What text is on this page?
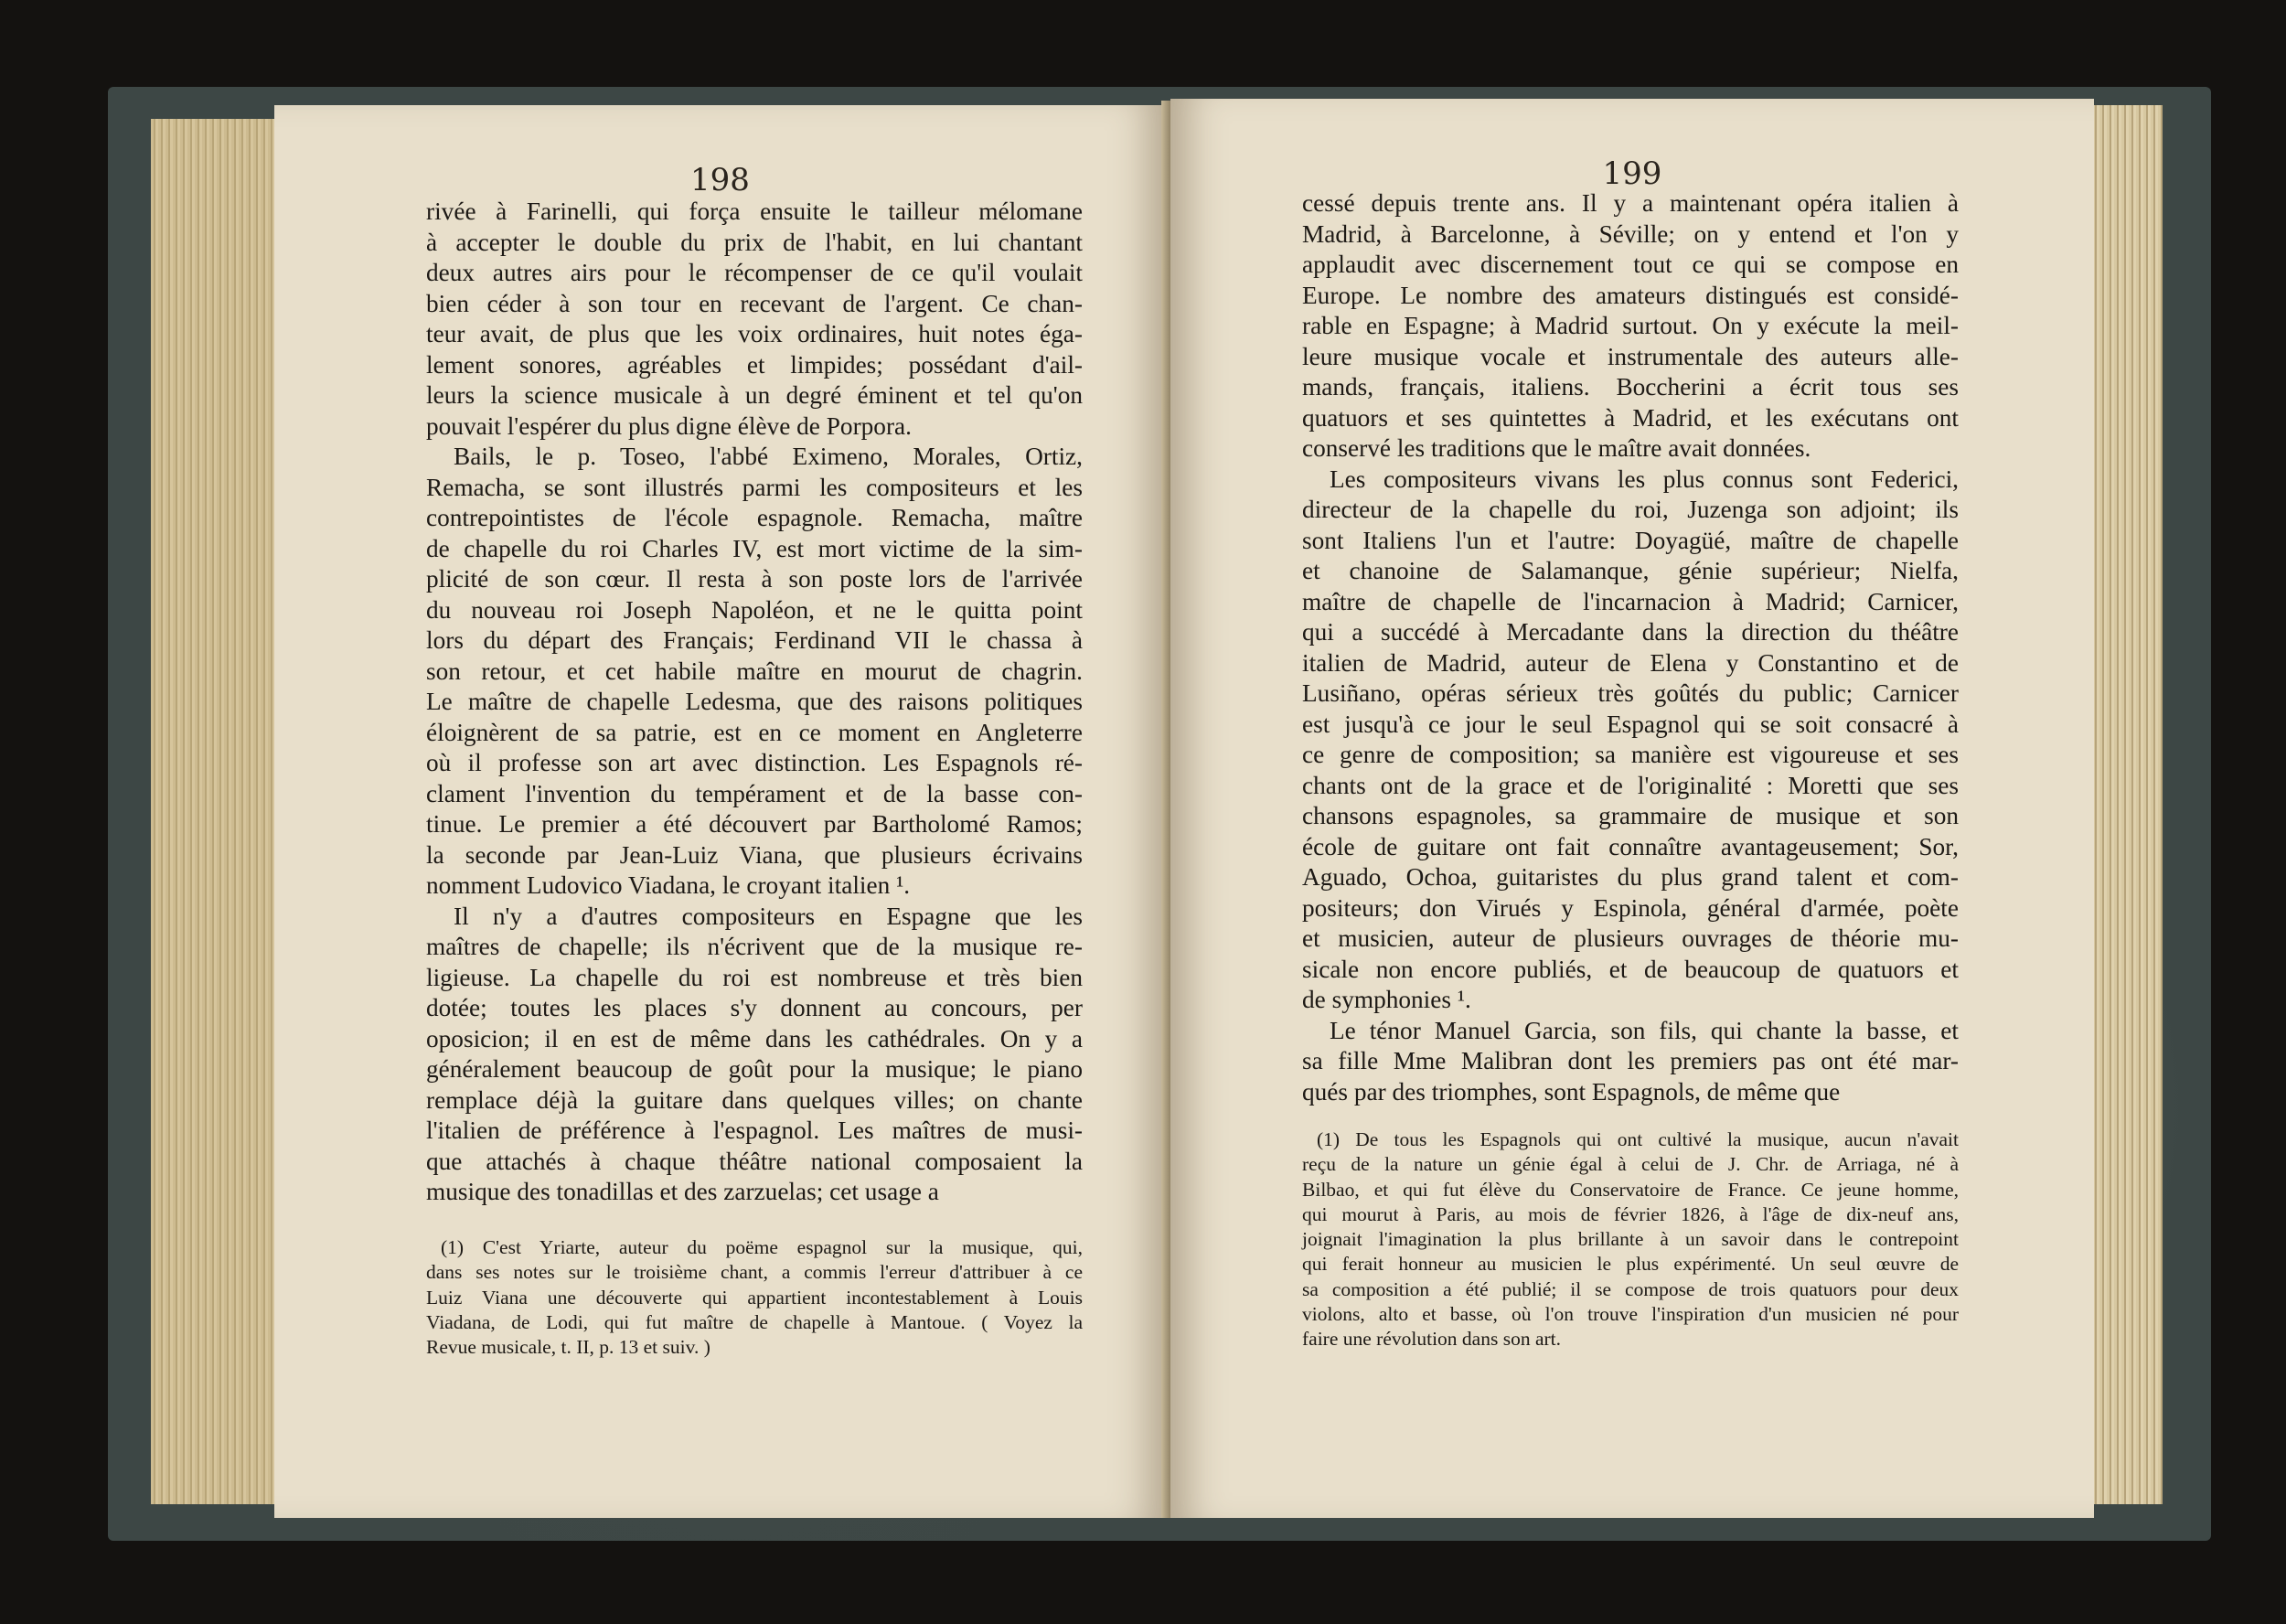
198
rivée à Farinelli, qui força ensuite le tailleur mélomane
à accepter le double du prix de l'habit, en lui chantant
deux autres airs pour le récompenser de ce qu'il voulait
bien céder à son tour en recevant de l'argent. Ce chan-
teur avait, de plus que les voix ordinaires, huit notes éga-
lement sonores, agréables et limpides; possédant d'ail-
leurs la science musicale à un degré éminent et tel qu'on
pouvait l'espérer du plus digne élève de Porpora.
Bails, le p. Toseo, l'abbé Eximeno, Morales, Ortiz,
Remacha, se sont illustrés parmi les compositeurs et les
contrepointistes de l'école espagnole. Remacha, maître
de chapelle du roi Charles IV, est mort victime de la sim-
plicité de son cœur. Il resta à son poste lors de l'arrivée
du nouveau roi Joseph Napoléon, et ne le quitta point
lors du départ des Français; Ferdinand VII le chassa à
son retour, et cet habile maître en mourut de chagrin.
Le maître de chapelle Ledesma, que des raisons politiques
éloignèrent de sa patrie, est en ce moment en Angleterre
où il professe son art avec distinction. Les Espagnols ré-
clament l'invention du tempérament et de la basse con-
tinue. Le premier a été découvert par Bartholomé Ramos;
la seconde par Jean-Luiz Viana, que plusieurs écrivains
nomment Ludovico Viadana, le croyant italien ¹.
Il n'y a d'autres compositeurs en Espagne que les
maîtres de chapelle; ils n'écrivent que de la musique re-
ligieuse. La chapelle du roi est nombreuse et très bien
dotée; toutes les places s'y donnent au concours, per
oposicion; il en est de même dans les cathédrales. On y a
généralement beaucoup de goût pour la musique; le piano
remplace déjà la guitare dans quelques villes; on chante
l'italien de préférence à l'espagnol. Les maîtres de musi-
que attachés à chaque théâtre national composaient la
musique des tonadillas et des zarzuelas; cet usage a
(1) C'est Yriarte, auteur du poëme espagnol sur la musique, qui,
dans ses notes sur le troisième chant, a commis l'erreur d'attribuer à ce
Luiz Viana une découverte qui appartient incontestablement à Louis
Viadana, de Lodi, qui fut maître de chapelle à Mantoue. ( Voyez la
Revue musicale, t. II, p. 13 et suiv. )
199
cessé depuis trente ans. Il y a maintenant opéra italien à
Madrid, à Barcelonne, à Séville; on y entend et l'on y
applaudit avec discernement tout ce qui se compose en
Europe. Le nombre des amateurs distingués est considé-
rable en Espagne; à Madrid surtout. On y exécute la meil-
leure musique vocale et instrumentale des auteurs alle-
mands, français, italiens. Boccherini a écrit tous ses
quatuors et ses quintettes à Madrid, et les exécutans ont
conservé les traditions que le maître avait données.
Les compositeurs vivans les plus connus sont Federici,
directeur de la chapelle du roi, Juzenga son adjoint; ils
sont Italiens l'un et l'autre: Doyagüé, maître de chapelle
et chanoine de Salamanque, génie supérieur; Nielfa,
maître de chapelle de l'incarnacion à Madrid; Carnicer,
qui a succédé à Mercadante dans la direction du théâtre
italien de Madrid, auteur de Elena y Constantino et de
Lusiñano, opéras sérieux très goûtés du public; Carnicer
est jusqu'à ce jour le seul Espagnol qui se soit consacré à
ce genre de composition; sa manière est vigoureuse et ses
chants ont de la grace et de l'originalité : Moretti que ses
chansons espagnoles, sa grammaire de musique et son
école de guitare ont fait connaître avantageusement; Sor,
Aguado, Ochoa, guitaristes du plus grand talent et com-
positeurs; don Virués y Espinola, général d'armée, poète
et musicien, auteur de plusieurs ouvrages de théorie mu-
sicale non encore publiés, et de beaucoup de quatuors et
de symphonies ¹.
Le ténor Manuel Garcia, son fils, qui chante la basse, et
sa fille Mme Malibran dont les premiers pas ont été mar-
qués par des triomphes, sont Espagnols, de même que
(1) De tous les Espagnols qui ont cultivé la musique, aucun n'avait
reçu de la nature un génie égal à celui de J. Chr. de Arriaga, né à
Bilbao, et qui fut élève du Conservatoire de France. Ce jeune homme,
qui mourut à Paris, au mois de février 1826, à l'âge de dix-neuf ans,
joignait l'imagination la plus brillante à un savoir dans le contrepoint
qui ferait honneur au musicien le plus expérimenté. Un seul œuvre de
sa composition a été publié; il se compose de trois quatuors pour deux
violons, alto et basse, où l'on trouve l'inspiration d'un musicien né pour
faire une révolution dans son art.
